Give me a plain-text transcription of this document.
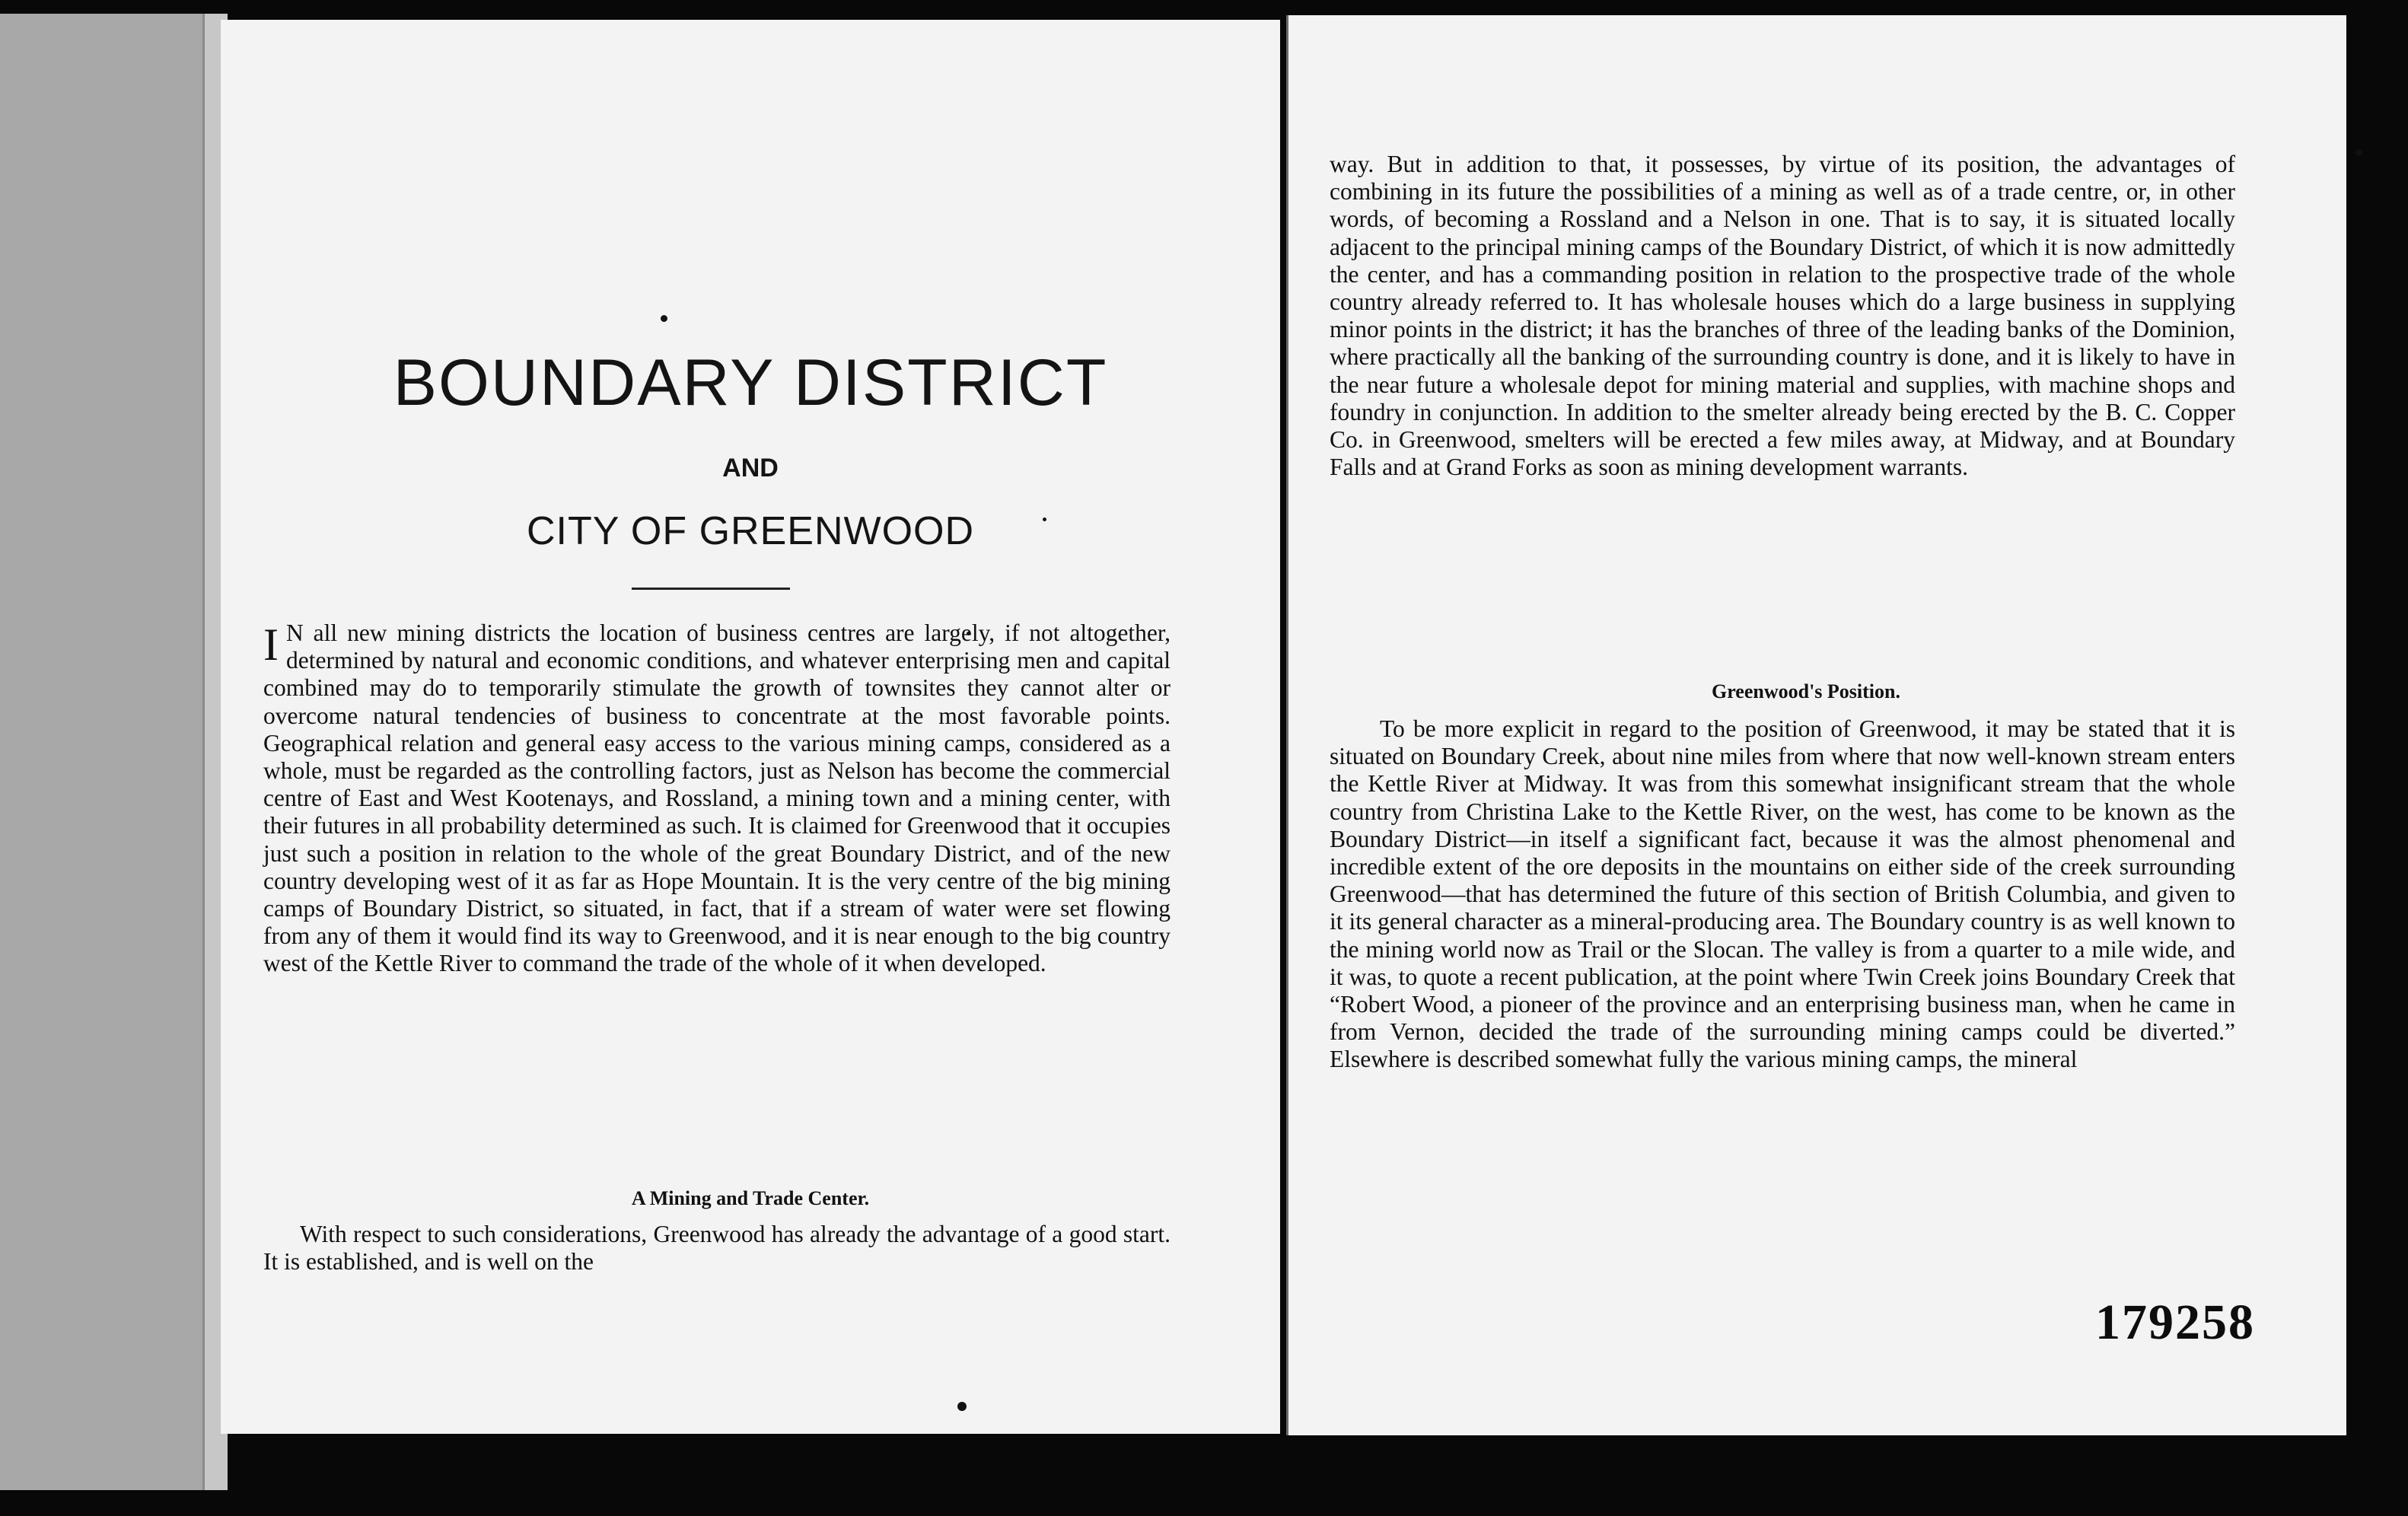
BOUNDARY DISTRICT
AND
CITY OF GREENWOOD

I N all new mining districts the location of business centres are largely, if not altogether, determined by natural and economic conditions, and whatever enterprising men and capital combined may do to temporarily stimulate the growth of townsites they cannot alter or overcome natural tendencies of business to concentrate at the most favorable points. Geographical relation and general easy access to the various mining camps, considered as a whole, must be regarded as the controlling factors, just as Nelson has become the commercial centre of East and West Kootenays, and Rossland, a mining town and a mining center, with their futures in all probability determined as such. It is claimed for Greenwood that it occupies just such a position in relation to the whole of the great Boundary District, and of the new country developing west of it as far as Hope Mountain. It is the very centre of the big mining camps of Boundary District, so situated, in fact, that if a stream of water were set flowing from any of them it would find its way to Greenwood, and it is near enough to the big country west of the Kettle River to command the trade of the whole of it when developed.

A Mining and Trade Center.

With respect to such considerations, Greenwood has already the advantage of a good start. It is established, and is well on the

way. But in addition to that, it possesses, by virtue of its position, the advantages of combining in its future the possibilities of a mining as well as of a trade centre, or, in other words, of becoming a Rossland and a Nelson in one. That is to say, it is situated locally adjacent to the principal mining camps of the Boundary District, of which it is now admittedly the center, and has a commanding position in relation to the prospective trade of the whole country already referred to. It has wholesale houses which do a large business in supplying minor points in the district; it has the branches of three of the leading banks of the Dominion, where practically all the banking of the surrounding country is done, and it is likely to have in the near future a wholesale depot for mining material and supplies, with machine shops and foundry in conjunction. In addition to the smelter already being erected by the B. C. Copper Co. in Greenwood, smelters will be erected a few miles away, at Midway, and at Boundary Falls and at Grand Forks as soon as mining development warrants.

Greenwood's Position.

To be more explicit in regard to the position of Greenwood, it may be stated that it is situated on Boundary Creek, about nine miles from where that now well-known stream enters the Kettle River at Midway. It was from this somewhat insignificant stream that the whole country from Christina Lake to the Kettle River, on the west, has come to be known as the Boundary District—in itself a significant fact, because it was the almost phenomenal and incredible extent of the ore deposits in the mountains on either side of the creek surrounding Greenwood—that has determined the future of this section of British Columbia, and given to it its general character as a mineral-producing area. The Boundary country is as well known to the mining world now as Trail or the Slocan. The valley is from a quarter to a mile wide, and it was, to quote a recent publication, at the point where Twin Creek joins Boundary Creek that “Robert Wood, a pioneer of the province and an enterprising business man, when he came in from Vernon, decided the trade of the surrounding mining camps could be diverted.” Elsewhere is described somewhat fully the various mining camps, the mineral

179258
